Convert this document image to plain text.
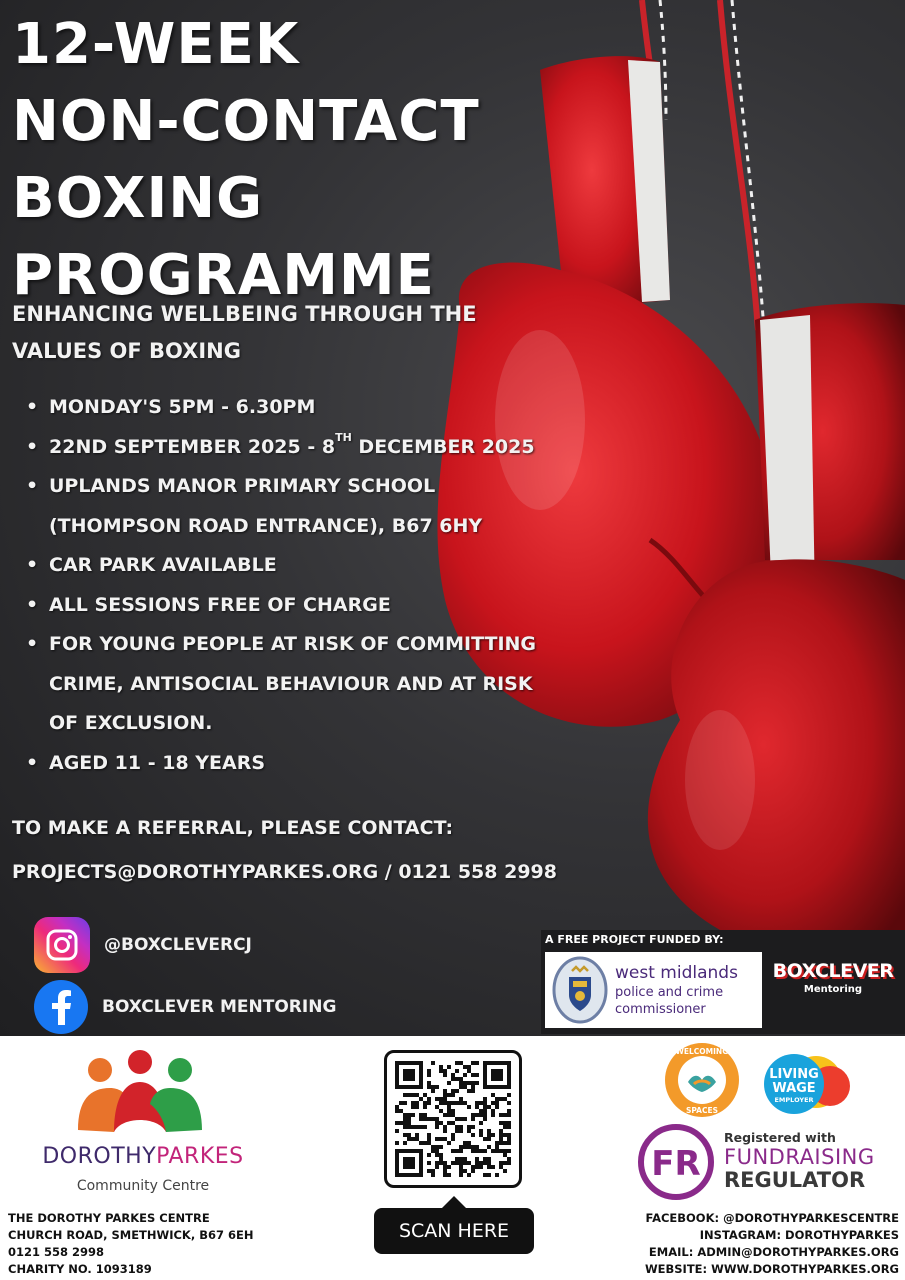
12-WEEK
NON-CONTACT
BOXING
PROGRAMME
ENHANCING WELLBEING THROUGH THE
VALUES OF BOXING
• MONDAY'S 5PM - 6.30PM
• 22ND SEPTEMBER 2025 - 8TH DECEMBER 2025
• UPLANDS MANOR PRIMARY SCHOOL
(THOMPSON ROAD ENTRANCE), B67 6HY
• CAR PARK AVAILABLE
• ALL SESSIONS FREE OF CHARGE
• FOR YOUNG PEOPLE AT RISK OF COMMITTING
CRIME, ANTISOCIAL BEHAVIOUR AND AT RISK
OF EXCLUSION.
• AGED 11 - 18 YEARS
TO MAKE A REFERRAL, PLEASE CONTACT:
PROJECTS@DOROTHYPARKES.ORG / 0121 558 2998
@BOXCLEVERCJ
BOXCLEVER MENTORING
A FREE PROJECT FUNDED BY:
west midlands
police and crime
commissioner
BOXCLEVER
Mentoring
DOROTHYPARKES
Community Centre
THE DOROTHY PARKES CENTRE
CHURCH ROAD, SMETHWICK, B67 6EH
0121 558 2998
CHARITY NO. 1093189
SCAN HERE
WELCOMING
SPACES
LIVING
WAGE
EMPLOYER
FR
Registered with
FUNDRAISING
REGULATOR
FACEBOOK: @DOROTHYPARKESCENTRE
INSTAGRAM: DOROTHYPARKES
EMAIL: ADMIN@DOROTHYPARKES.ORG
WEBSITE: WWW.DOROTHYPARKES.ORG
